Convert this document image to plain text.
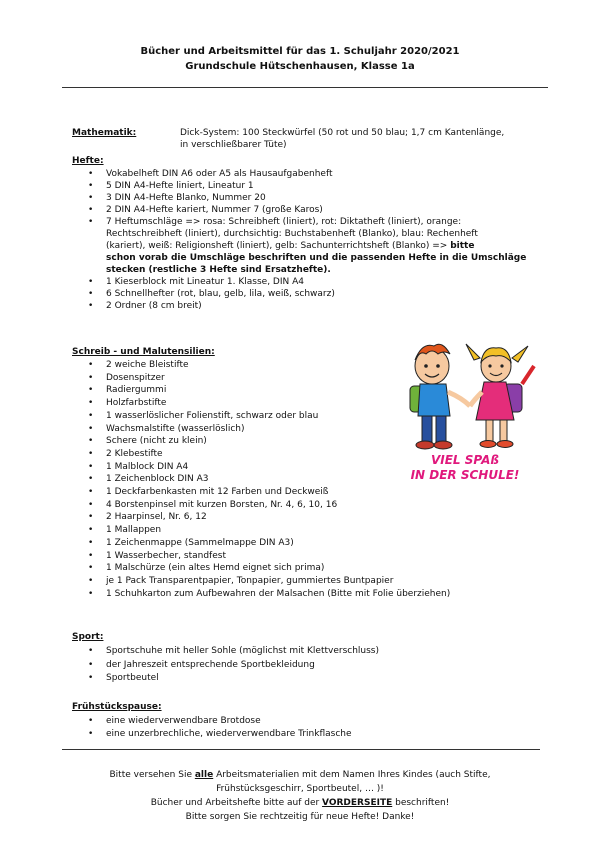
Bücher und Arbeitsmittel für das 1. Schuljahr 2020/2021
Grundschule Hütschenhausen, Klasse 1a
Mathematik:	Dick-System: 100 Steckwürfel (50 rot und 50 blau; 1,7 cm Kantenlänge,
in verschließbarer Tüte)
Hefte:
• Vokabelheft DIN A6 oder A5 als Hausaufgabenheft
• 5 DIN A4-Hefte liniert, Lineatur 1
• 3 DIN A4-Hefte Blanko, Nummer 20
• 2 DIN A4-Hefte kariert, Nummer 7 (große Karos)
• 7 Heftumschläge => rosa: Schreibheft (liniert), rot: Diktatheft (liniert), orange:
Rechtschreibheft (liniert), durchsichtig: Buchstabenheft (Blanko), blau: Rechenheft
(kariert), weiß: Religionsheft (liniert), gelb: Sachunterrichtsheft (Blanko) => bitte
schon vorab die Umschläge beschriften und die passenden Hefte in die Umschläge
stecken (restliche 3 Hefte sind Ersatzhefte).
• 1 Kieserblock mit Lineatur 1. Klasse, DIN A4
• 6 Schnellhefter (rot, blau, gelb, lila, weiß, schwarz)
• 2 Ordner (8 cm breit)
Schreib - und Malutensilien:
• 2 weiche Bleistifte
• Dosenspitzer
• Radiergummi
• Holzfarbstifte
• 1 wasserlöslicher Folienstift, schwarz oder blau
• Wachsmalstifte (wasserlöslich)
• Schere (nicht zu klein)
• 2 Klebestifte
• 1 Malblock DIN A4
• 1 Zeichenblock DIN A3
• 1 Deckfarbenkasten mit 12 Farben und Deckweiß
• 4 Borstenpinsel mit kurzen Borsten, Nr. 4, 6, 10, 16
• 2 Haarpinsel, Nr. 6, 12
• 1 Mallappen
• 1 Zeichenmappe (Sammelmappe DIN A3)
• 1 Wasserbecher, standfest
• 1 Malschürze (ein altes Hemd eignet sich prima)
• je 1 Pack Transparentpapier, Tonpapier, gummiertes Buntpapier
• 1 Schuhkarton zum Aufbewahren der Malsachen (Bitte mit Folie überziehen)
VIEL SPAß
IN DER SCHULE!
Sport:
• Sportschuhe mit heller Sohle (möglichst mit Klettverschluss)
• der Jahreszeit entsprechende Sportbekleidung
• Sportbeutel
Frühstückspause:
• eine wiederverwendbare Brotdose
• eine unzerbrechliche, wiederverwendbare Trinkflasche
Bitte versehen Sie alle Arbeitsmaterialien mit dem Namen Ihres Kindes (auch Stifte,
Frühstücksgeschirr, Sportbeutel, … )!
Bücher und Arbeitshefte bitte auf der VORDERSEITE beschriften!
Bitte sorgen Sie rechtzeitig für neue Hefte! Danke!
